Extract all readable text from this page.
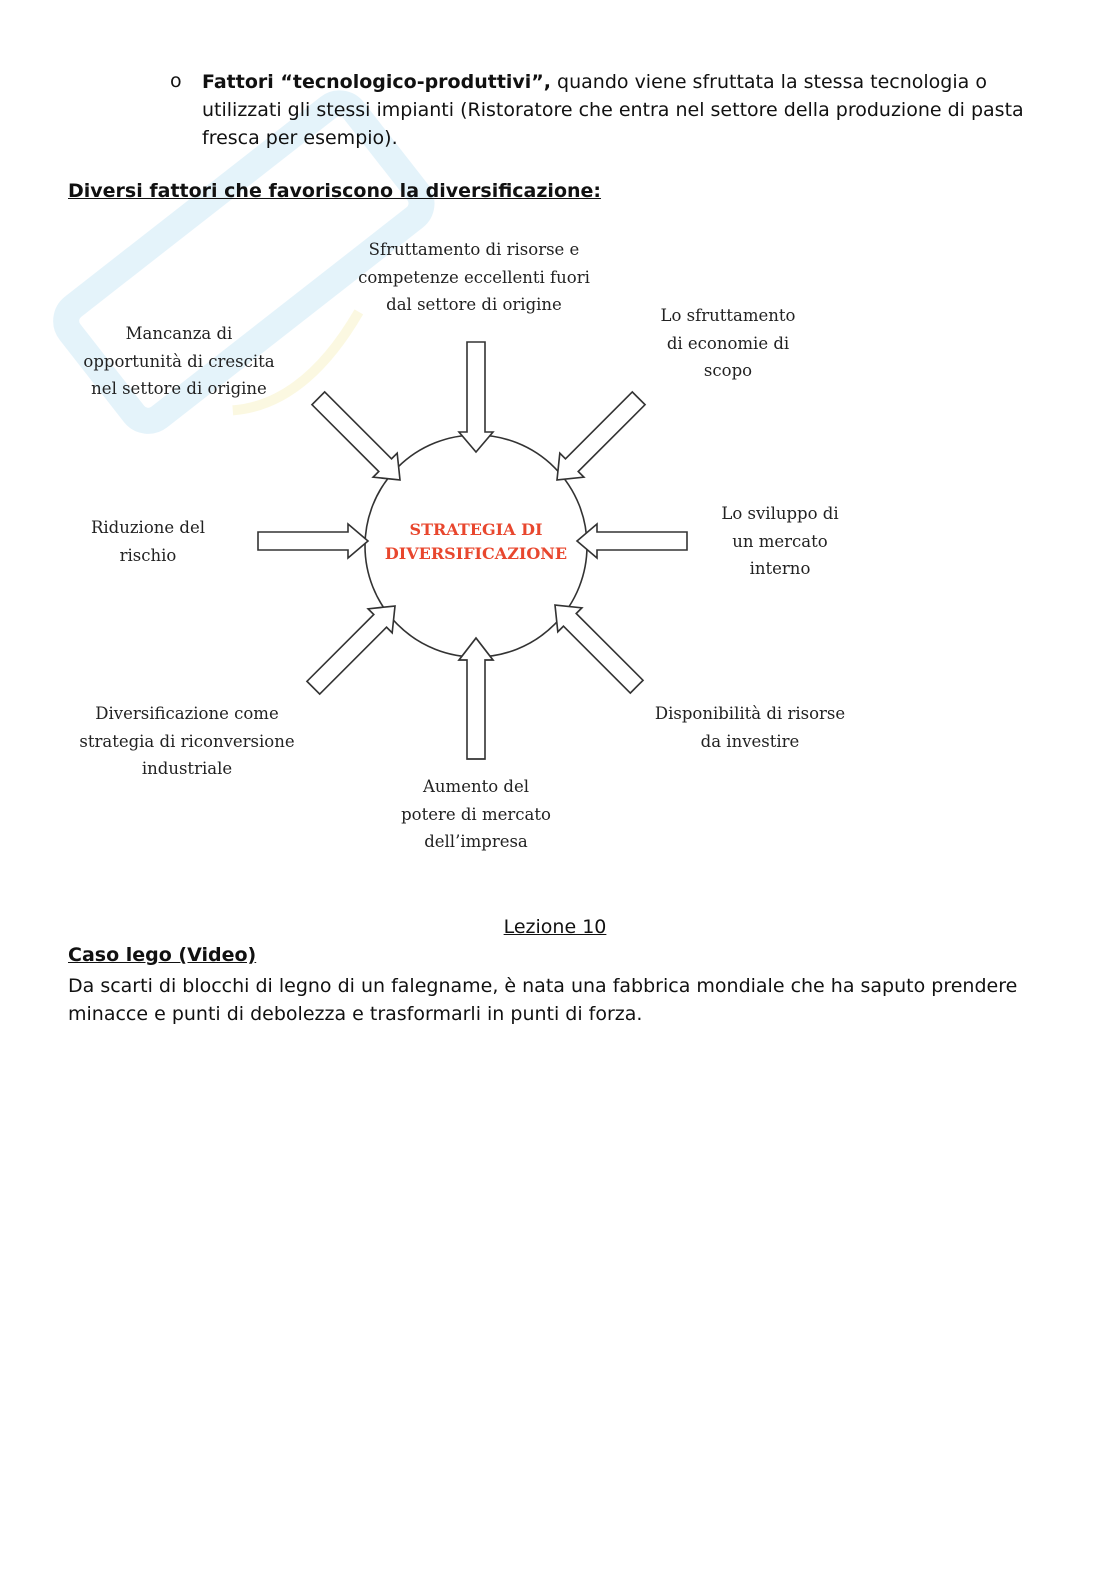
o Fattori “tecnologico-produttivi”, quando viene sfruttata la stessa tecnologia o utilizzati gli stessi impianti (Ristoratore che entra nel settore della produzione di pasta fresca per esempio).
Diversi fattori che favoriscono la diversificazione:
STRATEGIA DI
DIVERSIFICAZIONE
Sfruttamento di risorse e
competenze eccellenti fuori
dal settore di origine
Lo sfruttamento
di economie di
scopo
Lo sviluppo di
un mercato
interno
Disponibilità di risorse
da investire
Aumento del
potere di mercato
dell’impresa
Diversificazione come
strategia di riconversione
industriale
Riduzione del
rischio
Mancanza di
opportunità di crescita
nel settore di origine
Lezione 10
Caso lego (Video)
Da scarti di blocchi di legno di un falegname, è nata una fabbrica mondiale che ha saputo prendere minacce e punti di debolezza e trasformarli in punti di forza.
